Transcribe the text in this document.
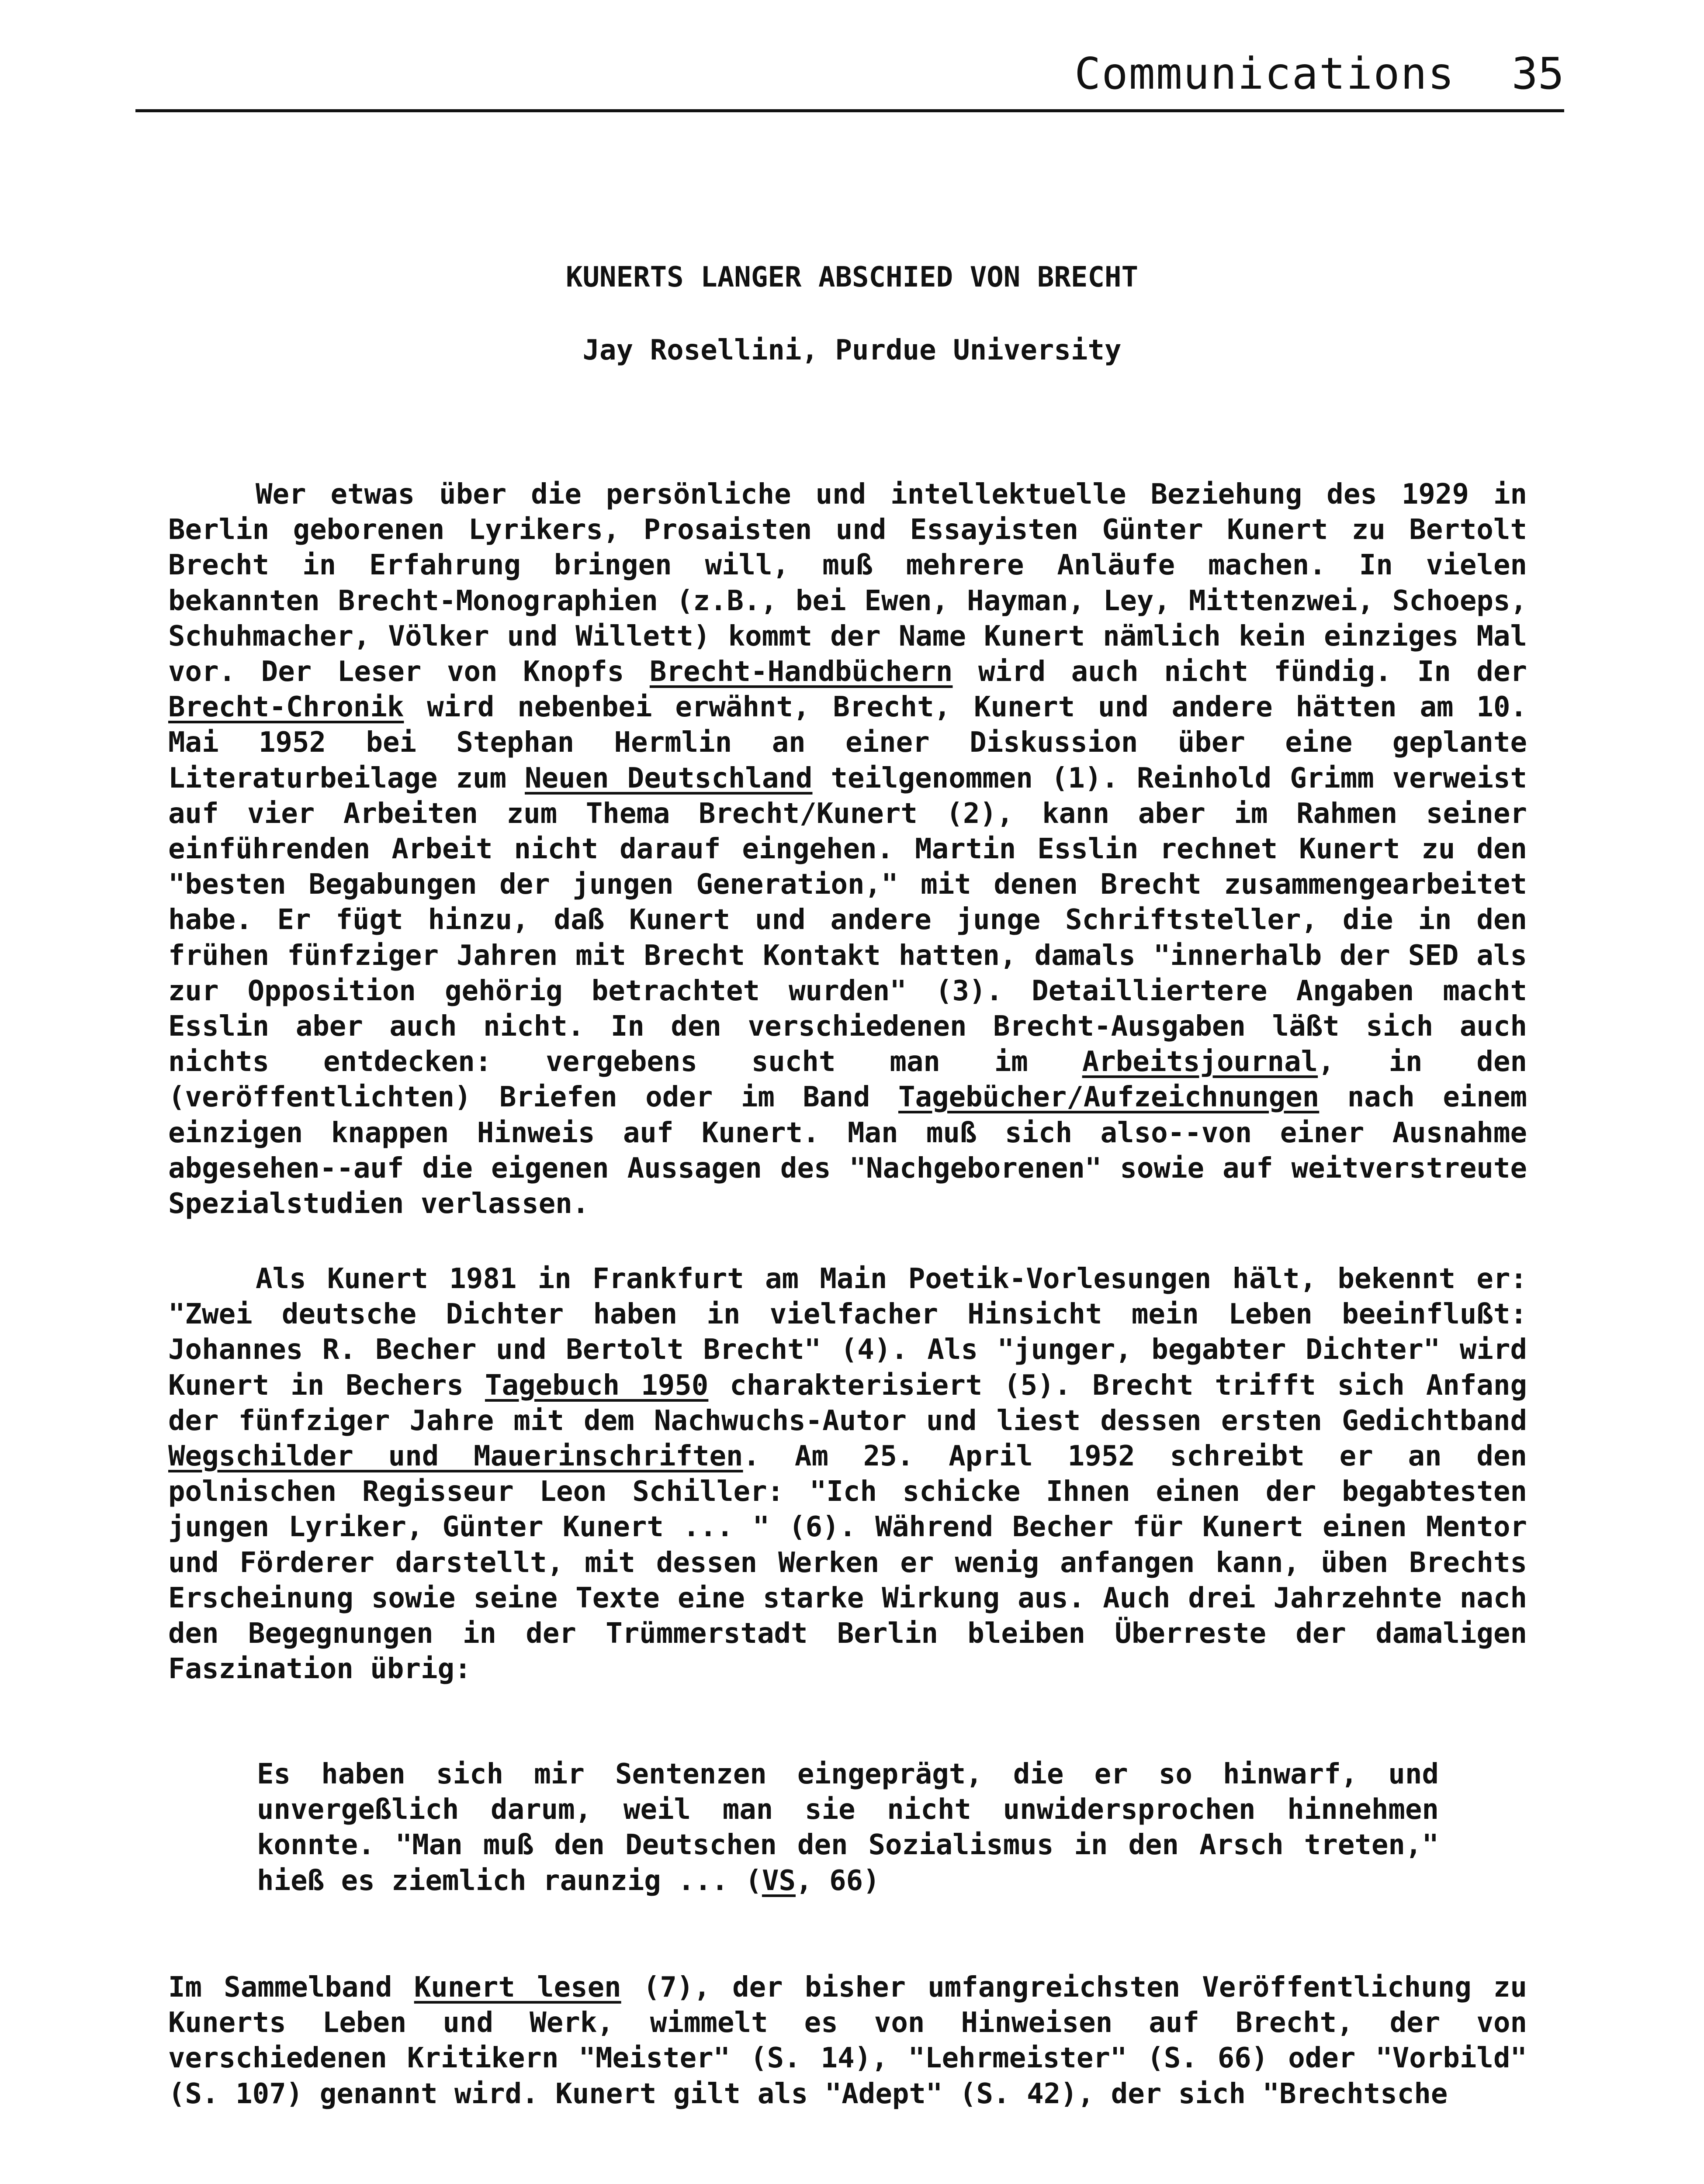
Communications 35
KUNERTS LANGER ABSCHIED VON BRECHT
Jay Rosellini, Purdue University
Wer etwas über die persönliche und intellektuelle Beziehung des 1929 in Berlin geborenen Lyrikers, Prosaisten und Essayisten Günter Kunert zu Bertolt Brecht in Erfahrung bringen will, muß mehrere Anläufe machen. In vielen bekannten Brecht-Monographien (z.B., bei Ewen, Hayman, Ley, Mittenzwei, Schoeps, Schuhmacher, Völker und Willett) kommt der Name Kunert nämlich kein einziges Mal vor. Der Leser von Knopfs Brecht-Handbüchern wird auch nicht fündig. In der Brecht-Chronik wird nebenbei erwähnt, Brecht, Kunert und andere hätten am 10. Mai 1952 bei Stephan Hermlin an einer Diskussion über eine geplante Literaturbeilage zum Neuen Deutschland teilgenommen (1). Reinhold Grimm verweist auf vier Arbeiten zum Thema Brecht/Kunert (2), kann aber im Rahmen seiner einführenden Arbeit nicht darauf eingehen. Martin Esslin rechnet Kunert zu den "besten Begabungen der jungen Generation," mit denen Brecht zusammengearbeitet habe. Er fügt hinzu, daß Kunert und andere junge Schriftsteller, die in den frühen fünfziger Jahren mit Brecht Kontakt hatten, damals "innerhalb der SED als zur Opposition gehörig betrachtet wurden" (3). Detailliertere Angaben macht Esslin aber auch nicht. In den verschiedenen Brecht-Ausgaben läßt sich auch nichts entdecken: vergebens sucht man im Arbeitsjournal, in den (veröffentlichten) Briefen oder im Band Tagebücher/Aufzeichnungen nach einem einzigen knappen Hinweis auf Kunert. Man muß sich also--von einer Ausnahme abgesehen--auf die eigenen Aussagen des "Nachgeborenen" sowie auf weitverstreute Spezialstudien verlassen.
Als Kunert 1981 in Frankfurt am Main Poetik-Vorlesungen hält, bekennt er: "Zwei deutsche Dichter haben in vielfacher Hinsicht mein Leben beeinflußt: Johannes R. Becher und Bertolt Brecht" (4). Als "junger, begabter Dichter" wird Kunert in Bechers Tagebuch 1950 charakterisiert (5). Brecht trifft sich Anfang der fünfziger Jahre mit dem Nachwuchs-Autor und liest dessen ersten Gedichtband Wegschilder und Mauerinschriften. Am 25. April 1952 schreibt er an den polnischen Regisseur Leon Schiller: "Ich schicke Ihnen einen der begabtesten jungen Lyriker, Günter Kunert ... " (6). Während Becher für Kunert einen Mentor und Förderer darstellt, mit dessen Werken er wenig anfangen kann, üben Brechts Erscheinung sowie seine Texte eine starke Wirkung aus. Auch drei Jahrzehnte nach den Begegnungen in der Trümmerstadt Berlin bleiben Überreste der damaligen Faszination übrig:
Es haben sich mir Sentenzen eingeprägt, die er so hinwarf, und unvergeßlich darum, weil man sie nicht unwidersprochen hinnehmen konnte. "Man muß den Deutschen den Sozialismus in den Arsch treten," hieß es ziemlich raunzig ... (VS, 66)
Im Sammelband Kunert lesen (7), der bisher umfangreichsten Veröffentlichung zu Kunerts Leben und Werk, wimmelt es von Hinweisen auf Brecht, der von verschiedenen Kritikern "Meister" (S. 14), "Lehrmeister" (S. 66) oder "Vorbild" (S. 107) genannt wird. Kunert gilt als "Adept" (S. 42), der sich "Brechtsche
